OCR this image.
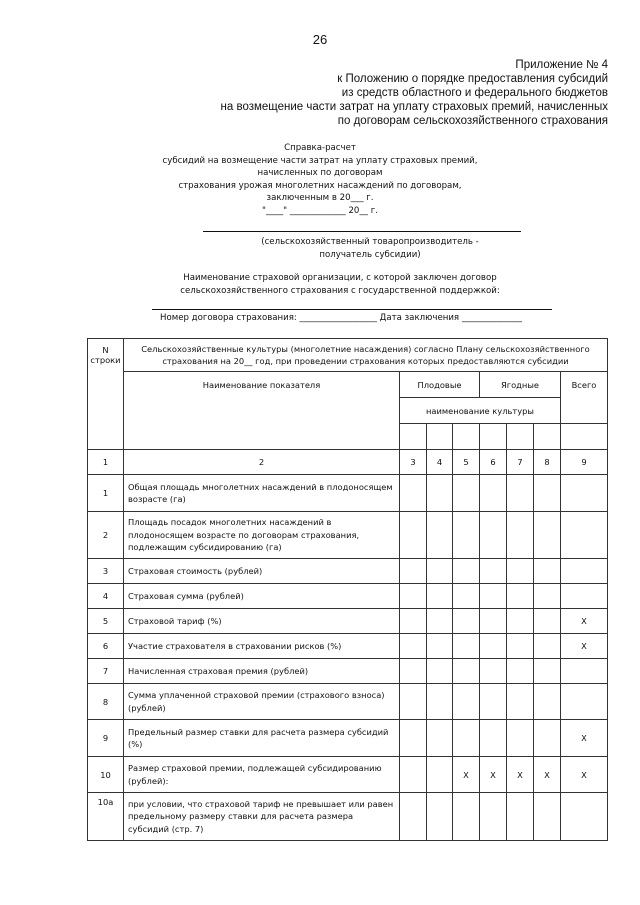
26
Приложение № 4
к Положению о порядке предоставления субсидий
из средств областного и федерального бюджетов
на возмещение части затрат на уплату страховых премий, начисленных
по договорам сельскохозяйственного страхования
Справка-расчет
субсидий на возмещение части затрат на уплату страховых премий,
начисленных по договорам
страхования урожая многолетних насаждений по договорам,
заключенным в 20___ г.
"____" _____________ 20__ г.
(сельскохозяйственный товаропроизводитель -
получатель субсидии)
Наименование страховой организации, с которой заключен договор
сельскохозяйственного страхования с государственной поддержкой:
Номер договора страхования: __________________ Дата заключения ______________
N строки	Сельскохозяйственные культуры (многолетние насаждения) согласно Плану сельскохозяйственного страхования на 20__ год, при проведении страхования которых предоставляются субсидии							
	Наименование показателя	Плодовые			Ягодные			Всего
		наименование культуры						

1	2	3	4	5	6	7	8	9
1	Общая площадь многолетних насаждений в плодоносящем возрасте (га)							
2	Площадь посадок многолетних насаждений в плодоносящем возрасте по договорам страхования, подлежащим субсидированию (га)							
3	Страховая стоимость (рублей)							
4	Страховая сумма (рублей)							
5	Страховой тариф (%)							X
6	Участие страхователя в страховании рисков (%)							X
7	Начисленная страховая премия (рублей)							
8	Сумма уплаченной страховой премии (страхового взноса) (рублей)							
9	Предельный размер ставки для расчета размера субсидий (%)							X
10	Размер страховой премии, подлежащей субсидированию (рублей):			X	X	X	X	X
10а	при условии, что страховой тариф не превышает или равен предельному размеру ставки для расчета размера субсидий (стр. 7)							
